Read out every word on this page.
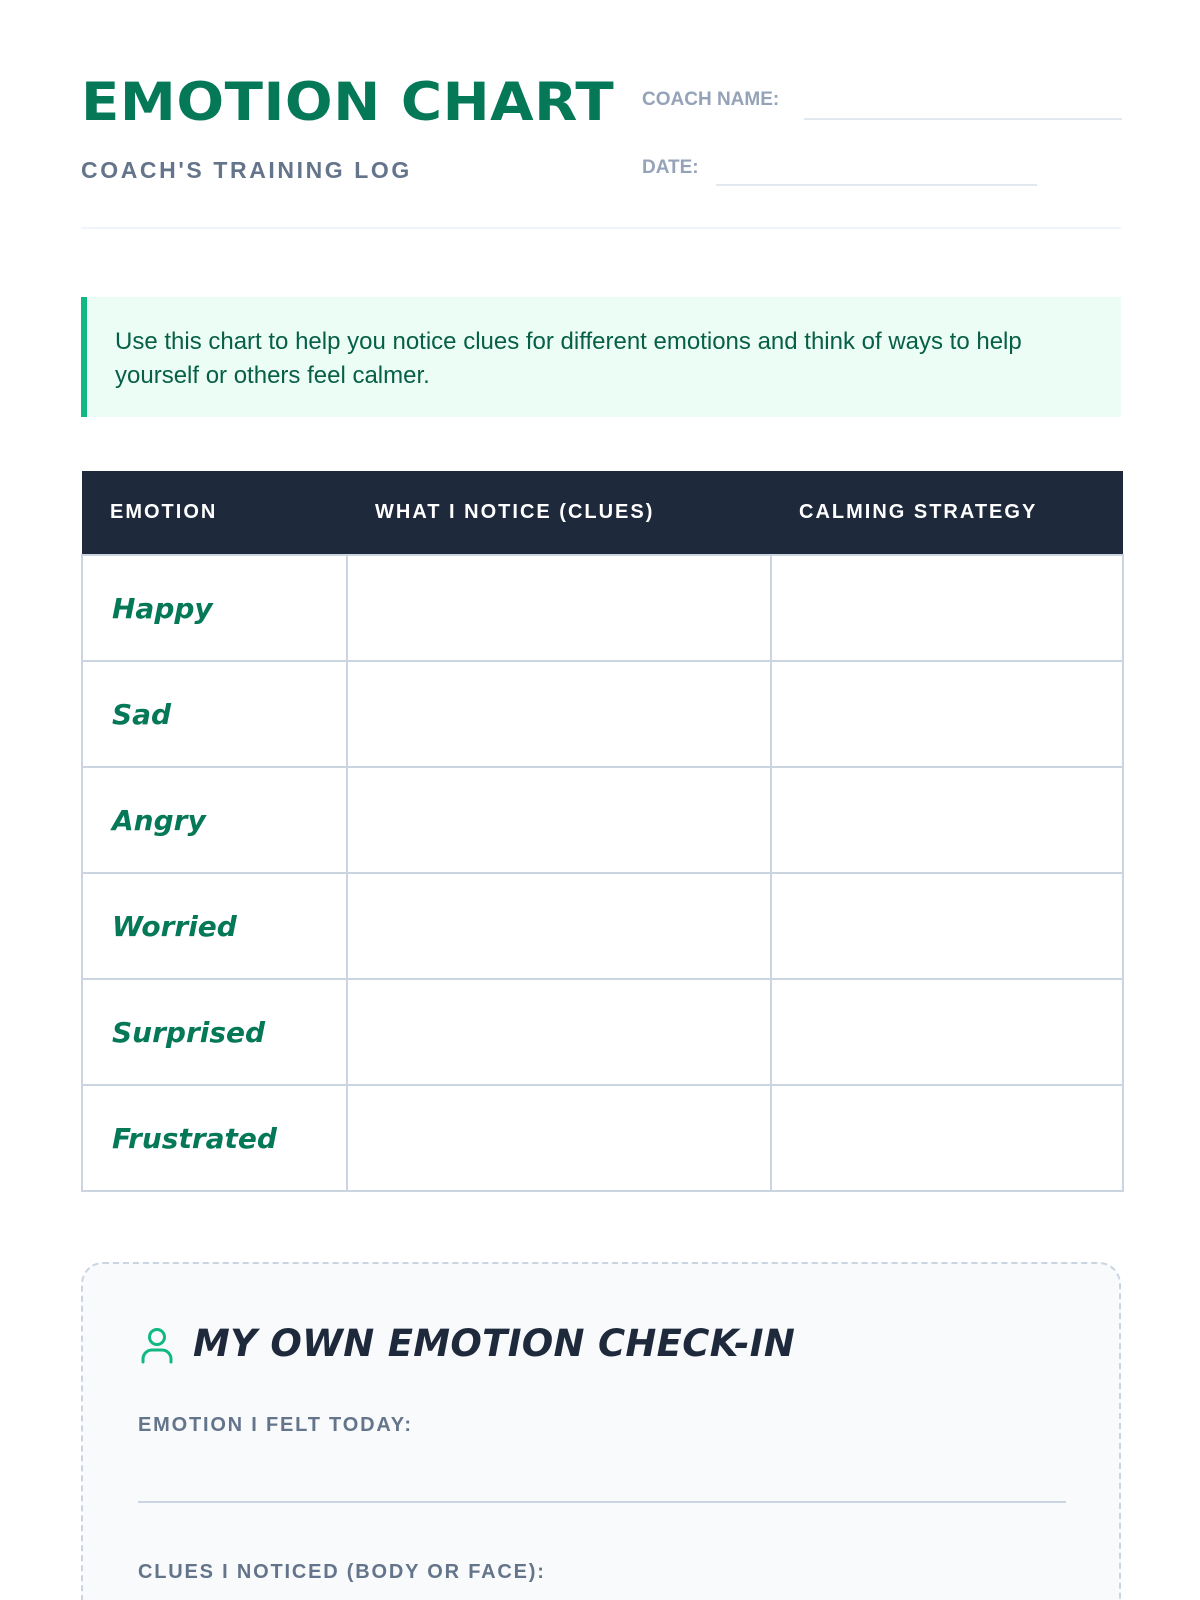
EMOTION CHART
COACH'S TRAINING LOG
COACH NAME:
DATE:

Use this chart to help you notice clues for different emotions and think of ways to help yourself or others feel calmer.

EMOTION	WHAT I NOTICE (CLUES)	CALMING STRATEGY
Happy		
Sad		
Angry		
Worried		
Surprised		
Frustrated		
MY OWN EMOTION CHECK-IN
EMOTION I FELT TODAY:
CLUES I NOTICED (BODY OR FACE):
